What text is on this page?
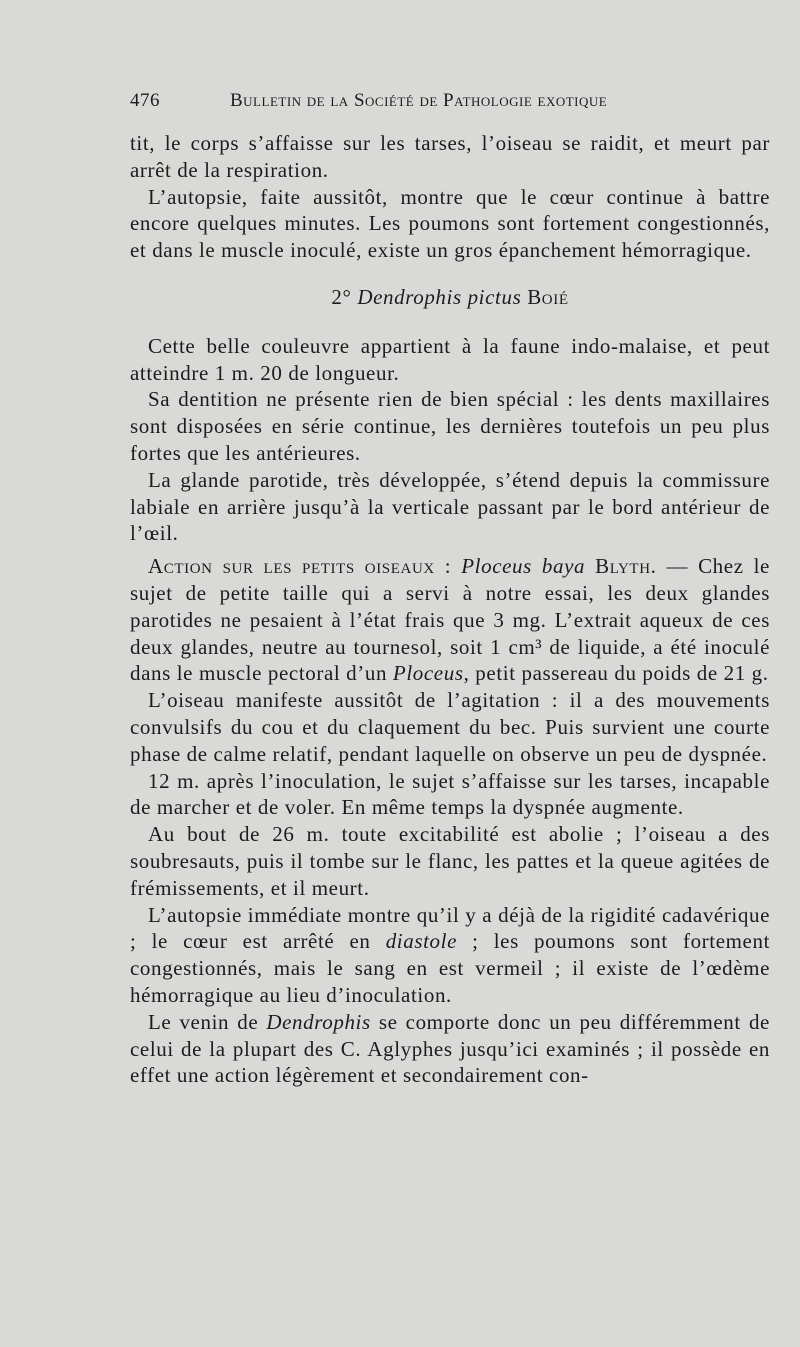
476	Bulletin de la Société de Pathologie exotique

tit, le corps s’affaisse sur les tarses, l’oiseau se raidit, et meurt par arrêt de la respiration.

L’autopsie, faite aussitôt, montre que le cœur continue à battre encore quelques minutes. Les poumons sont fortement congestionnés, et dans le muscle inoculé, existe un gros épanchement hémorragique.

2° Dendrophis pictus Boié

Cette belle couleuvre appartient à la faune indo-malaise, et peut atteindre 1 m. 20 de longueur.

Sa dentition ne présente rien de bien spécial : les dents maxillaires sont disposées en série continue, les dernières toutefois un peu plus fortes que les antérieures.

La glande parotide, très développée, s’étend depuis la commissure labiale en arrière jusqu’à la verticale passant par le bord antérieur de l’œil.

Action sur les petits oiseaux : Ploceus baya Blyth. — Chez le sujet de petite taille qui a servi à notre essai, les deux glandes parotides ne pesaient à l’état frais que 3 mg. L’extrait aqueux de ces deux glandes, neutre au tournesol, soit 1 cm³ de liquide, a été inoculé dans le muscle pectoral d’un Ploceus, petit passereau du poids de 21 g.

L’oiseau manifeste aussitôt de l’agitation : il a des mouvements convulsifs du cou et du claquement du bec. Puis survient une courte phase de calme relatif, pendant laquelle on observe un peu de dyspnée.

12 m. après l’inoculation, le sujet s’affaisse sur les tarses, incapable de marcher et de voler. En même temps la dyspnée augmente.

Au bout de 26 m. toute excitabilité est abolie ; l’oiseau a des soubresauts, puis il tombe sur le flanc, les pattes et la queue agitées de frémissements, et il meurt.

L’autopsie immédiate montre qu’il y a déjà de la rigidité cadavérique ; le cœur est arrêté en diastole ; les poumons sont fortement congestionnés, mais le sang en est vermeil ; il existe de l’œdème hémorragique au lieu d’inoculation.

Le venin de Dendrophis se comporte donc un peu différemment de celui de la plupart des C. Aglyphes jusqu’ici examinés ; il possède en effet une action légèrement et secondairement con-
